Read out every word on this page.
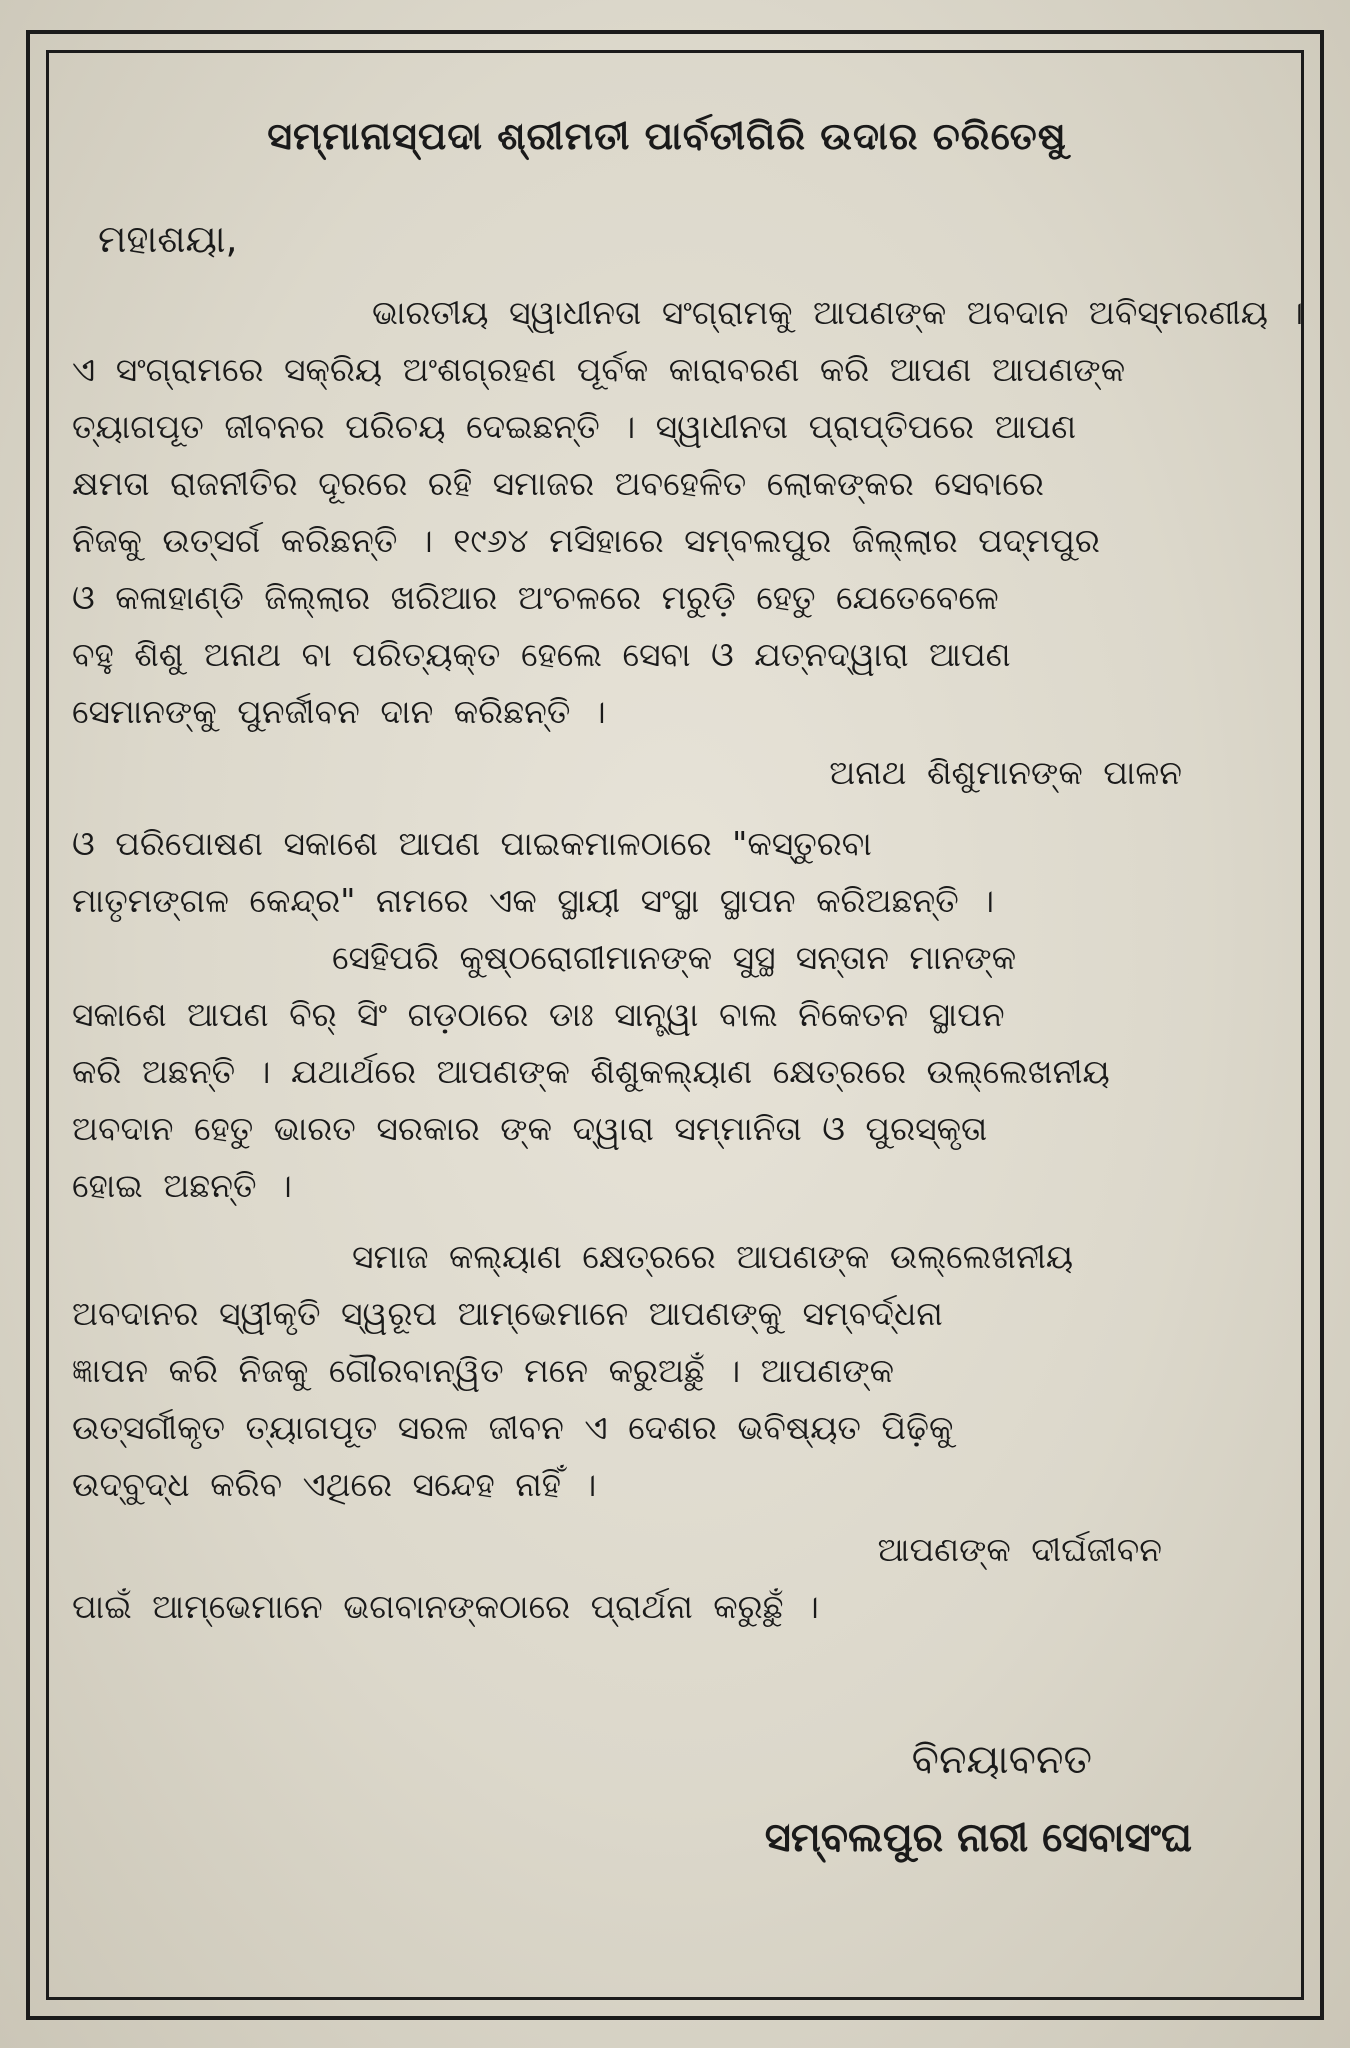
ସମ୍ମାନାସ୍ପଦା ଶ୍ରୀମତୀ ପାର୍ବତୀଗିରି ଉଦାର ଚରିତେଷୁ
ମହାଶୟା,
ଭାରତୀୟ ସ୍ୱାଧୀନତା ସଂଗ୍ରାମକୁ ଆପଣଙ୍କ ଅବଦାନ ଅବିସ୍ମରଣୀୟ ।
ଏ ସଂଗ୍ରାମରେ ସକ୍ରିୟ ଅଂଶଗ୍ରହଣ ପୂର୍ବକ କାରାବରଣ କରି ଆପଣ ଆପଣଙ୍କ
ତ୍ୟାଗପୂତ ଜୀବନର ପରିଚୟ ଦେଇଛନ୍ତି । ସ୍ୱାଧୀନତା ପ୍ରାପ୍ତିପରେ ଆପଣ
କ୍ଷମତା ରାଜନୀତିର ଦୂରରେ ରହି ସମାଜର ଅବହେଳିତ ଲୋକଙ୍କର ସେବାରେ
ନିଜକୁ ଉତ୍ସର୍ଗ କରିଛନ୍ତି । ୧୯୬୪ ମସିହାରେ ସମ୍ବଲପୁର ଜିଲ୍ଲାର ପଦ୍ମପୁର
ଓ କଳାହାଣ୍ଡି ଜିଲ୍ଲାର ଖରିଆର ଅଂଚଳରେ ମରୁଡ଼ି ହେତୁ ଯେତେବେଳେ
ବହୁ ଶିଶୁ ଅନାଥ ବା ପରିତ୍ୟକ୍ତ ହେଲେ ସେବା ଓ ଯତ୍ନଦ୍ୱାରା ଆପଣ
ସେମାନଙ୍କୁ ପୁନର୍ଜୀବନ ଦାନ କରିଛନ୍ତି ।
ଅନାଥ ଶିଶୁମାନଙ୍କ ପାଳନ
ଓ ପରିପୋଷଣ ସକାଶେ ଆପଣ ପାଇକମାଳଠାରେ "କସ୍ତୁରବା
ମାତୃମଙ୍ଗଳ କେନ୍ଦ୍ର" ନାମରେ ଏକ ସ୍ଥାୟୀ ସଂସ୍ଥା ସ୍ଥାପନ କରିଅଛନ୍ତି ।
ସେହିପରି କୁଷ୍ଠରୋଗୀମାନଙ୍କ ସୁସ୍ଥ ସନ୍ତାନ ମାନଙ୍କ
ସକାଶେ ଆପଣ ବିର୍ ସିଂ ଗଡ଼ଠାରେ ଡାଃ ସାନ୍ତ୍ୱା ବାଲ ନିକେତନ ସ୍ଥାପନ
କରି ଅଛନ୍ତି । ଯଥାର୍ଥରେ ଆପଣଙ୍କ ଶିଶୁକଲ୍ୟାଣ କ୍ଷେତ୍ରରେ ଉଲ୍ଲେଖନୀୟ
ଅବଦାନ ହେତୁ ଭାରତ ସରକାର ଙ୍କ ଦ୍ୱାରା ସମ୍ମାନିତା ଓ ପୁରସ୍କୃତା
ହୋଇ ଅଛନ୍ତି ।
ସମାଜ କଲ୍ୟାଣ କ୍ଷେତ୍ରରେ ଆପଣଙ୍କ ଉଲ୍ଲେଖନୀୟ
ଅବଦାନର ସ୍ୱୀକୃତି ସ୍ୱରୂପ ଆମ୍ଭେମାନେ ଆପଣଙ୍କୁ ସମ୍ବର୍ଦ୍ଧନା
ଜ୍ଞାପନ କରି ନିଜକୁ ଗୌରବାନ୍ୱିତ ମନେ କରୁଅଛୁଁ । ଆପଣଙ୍କ
ଉତ୍ସର୍ଗୀକୃତ ତ୍ୟାଗପୂତ ସରଳ ଜୀବନ ଏ ଦେଶର ଭବିଷ୍ୟତ ପିଢ଼ିକୁ
ଉଦ୍‌ବୁଦ୍ଧ କରିବ ଏଥିରେ ସନ୍ଦେହ ନାହିଁ ।
ଆପଣଙ୍କ ଦୀର୍ଘଜୀବନ
ପାଇଁ ଆମ୍ଭେମାନେ ଭଗବାନଙ୍କଠାରେ ପ୍ରାର୍ଥନା କରୁଛୁଁ ।
ବିନୟାବନତ
ସମ୍ବଲପୁର ନାରୀ ସେବାସଂଘ
